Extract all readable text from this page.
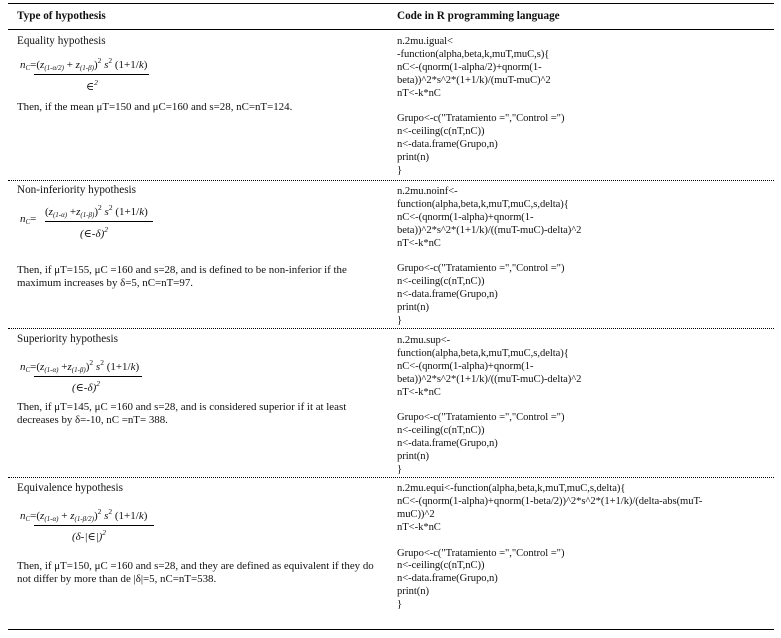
Type of hypothesis	Code in R programming language
Equality hypothesis
$n_C=(z_{(1-\alpha/2)} + z_{(1-\beta)})^2$ $s^2$ (1+1/k)
∈$^2$
Then, if the mean μT=150 and μC=160 and s=28, nC=nT=124.
n.2mu.igual<
-function(alpha,beta,k,muT,muC,s){
nC<-(qnorm(1-alpha/2)+qnorm(1-
beta))^2*s^2*(1+1/k)/(muT-muC)^2
nT<-k*nC

Grupo<-c("Tratamiento =","Control =")
n<-ceiling(c(nT,nC))
n<-data.frame(Grupo,n)
print(n)
}
Non-inferiority hypothesis
$n_C=$
$(z_{(1-\alpha)} +z_{(1-\beta)})^2$ $s^2$ (1+1/k)
(∈-δ)$^2$
Then, if μT=155, μC =160 and s=28, and is defined to be non-inferior if the maximum increases by δ=5, nC=nT=97.
n.2mu.noinf<-
function(alpha,beta,k,muT,muC,s,delta){
nC<-(qnorm(1-alpha)+qnorm(1-
beta))^2*s^2*(1+1/k)/((muT-muC)-delta)^2
nT<-k*nC

Grupo<-c("Tratamiento =","Control =")
n<-ceiling(c(nT,nC))
n<-data.frame(Grupo,n)
print(n)
}
Superiority hypothesis
$n_C=(z_{(1-\alpha)} +z_{(1-\beta)})^2$ $s^2$ (1+1/k)
(∈-δ)$^2$
Then, if μT=145, μC =160 and s=28, and is considered superior if it at least decreases by δ=-10, nC =nT= 388.
n.2mu.sup<-
function(alpha,beta,k,muT,muC,s,delta){
nC<-(qnorm(1-alpha)+qnorm(1-
beta))^2*s^2*(1+1/k)/((muT-muC)-delta)^2
nT<-k*nC

Grupo<-c("Tratamiento =","Control =")
n<-ceiling(c(nT,nC))
n<-data.frame(Grupo,n)
print(n)
}
Equivalence hypothesis
$n_C=(z_{(1-\alpha)} + z_{(1-\beta/2)})^2$ $s^2$ (1+1/k)
(δ-|∈|)$^2$
Then, if μT=150, μC =160 and s=28, and they are defined as equivalent if they do not differ by more than de |δ|=5, nC=nT=538.
n.2mu.equi<-function(alpha,beta,k,muT,muC,s,delta){
nC<-(qnorm(1-alpha)+qnorm(1-beta/2))^2*s^2*(1+1/k)/(delta-abs(muT-
muC))^2
nT<-k*nC

Grupo<-c("Tratamiento =","Control =")
n<-ceiling(c(nT,nC))
n<-data.frame(Grupo,n)
print(n)
}
